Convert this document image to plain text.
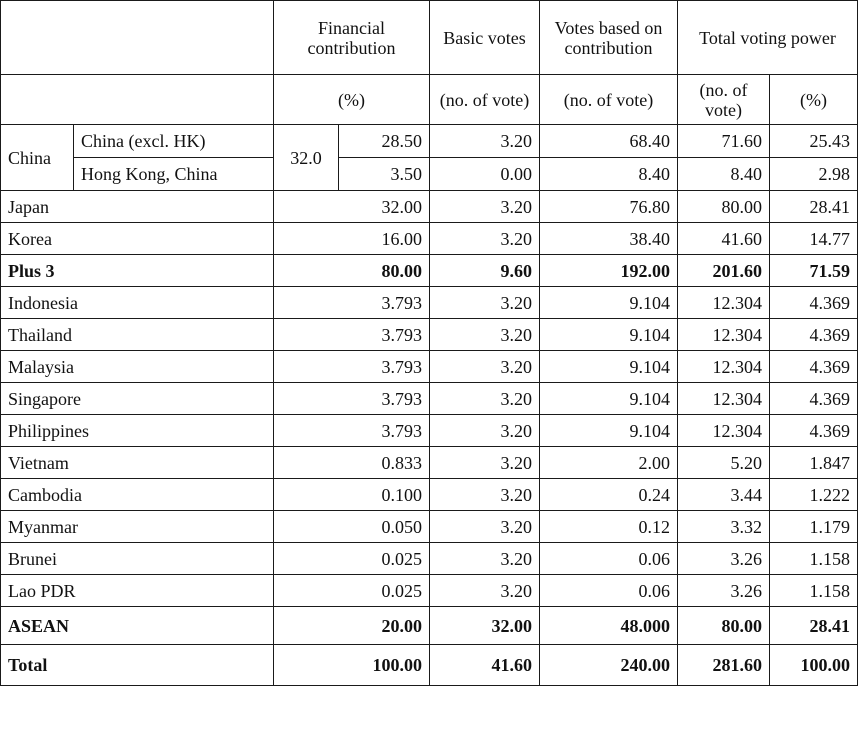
		Financial contribution		Basic votes	Votes based on contribution	Total voting power	
		(%)		(no. of vote)	(no. of vote)	(no. of vote)	(%)
China	China (excl. HK)	32.0	28.50	3.20	68.40	71.60	25.43
	Hong Kong, China		3.50	0.00	8.40	8.40	2.98
Japan		32.00		3.20	76.80	80.00	28.41
Korea		16.00		3.20	38.40	41.60	14.77
Plus 3		80.00		9.60	192.00	201.60	71.59
Indonesia		3.793		3.20	9.104	12.304	4.369
Thailand		3.793		3.20	9.104	12.304	4.369
Malaysia		3.793		3.20	9.104	12.304	4.369
Singapore		3.793		3.20	9.104	12.304	4.369
Philippines		3.793		3.20	9.104	12.304	4.369
Vietnam		0.833		3.20	2.00	5.20	1.847
Cambodia		0.100		3.20	0.24	3.44	1.222
Myanmar		0.050		3.20	0.12	3.32	1.179
Brunei		0.025		3.20	0.06	3.26	1.158
Lao PDR		0.025		3.20	0.06	3.26	1.158
ASEAN		20.00		32.00	48.000	80.00	28.41
Total		100.00		41.60	240.00	281.60	100.00
